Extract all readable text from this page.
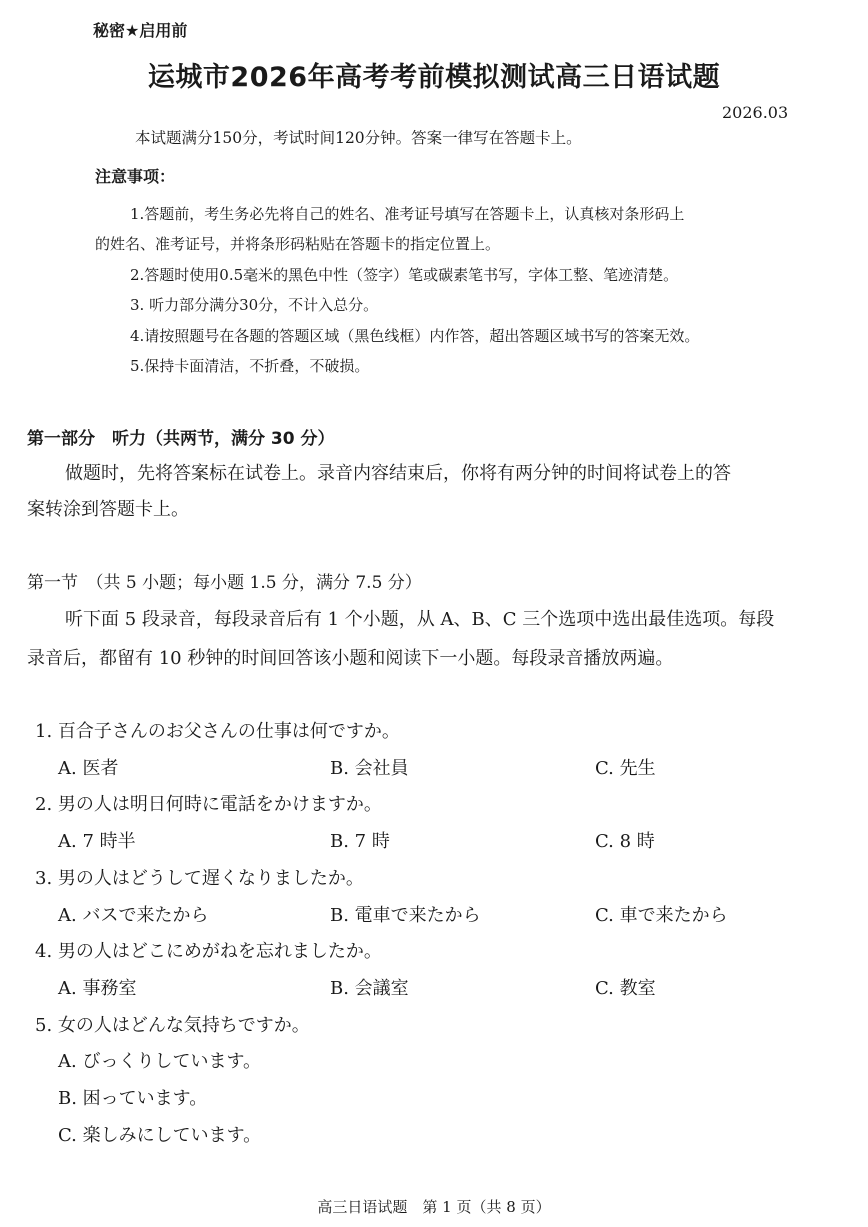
秘密★启用前
运城市2026年高考考前模拟测试高三日语试题
2026.03
本试题满分150分，考试时间120分钟。答案一律写在答题卡上。
注意事项：
1.答题前，考生务必先将自己的姓名、准考证号填写在答题卡上，认真核对条形码上
的姓名、准考证号，并将条形码粘贴在答题卡的指定位置上。
2.答题时使用0.5毫米的黑色中性（签字）笔或碳素笔书写，字体工整、笔迹清楚。
3. 听力部分满分30分，不计入总分。
4.请按照题号在各题的答题区域（黑色线框）内作答，超出答题区域书写的答案无效。
5.保持卡面清洁，不折叠，不破损。
第一部分　听力（共两节，满分 30 分）
做题时，先将答案标在试卷上。录音内容结束后，你将有两分钟的时间将试卷上的答
案转涂到答题卡上。
第一节　（共 5 小题；每小题 1.5 分，满分 7.5 分）
听下面 5 段录音，每段录音后有 1 个小题，从 A、B、C 三个选项中选出最佳选项。每段
录音后，都留有 10 秒钟的时间回答该小题和阅读下一小题。每段录音播放两遍。
1. 百合子さんのお父さんの仕事は何ですか。
A. 医者	B. 会社員	C. 先生
2. 男の人は明日何時に電話をかけますか。
A. 7 時半	B. 7 時	C. 8 時
3. 男の人はどうして遅くなりましたか。
A. バスで来たから	B. 電車で来たから	C. 車で来たから
4. 男の人はどこにめがねを忘れましたか。
A. 事務室	B. 会議室	C. 教室
5. 女の人はどんな気持ちですか。
A. びっくりしています。
B. 困っています。
C. 楽しみにしています。
高三日语试题　第 1 页（共 8 页）
